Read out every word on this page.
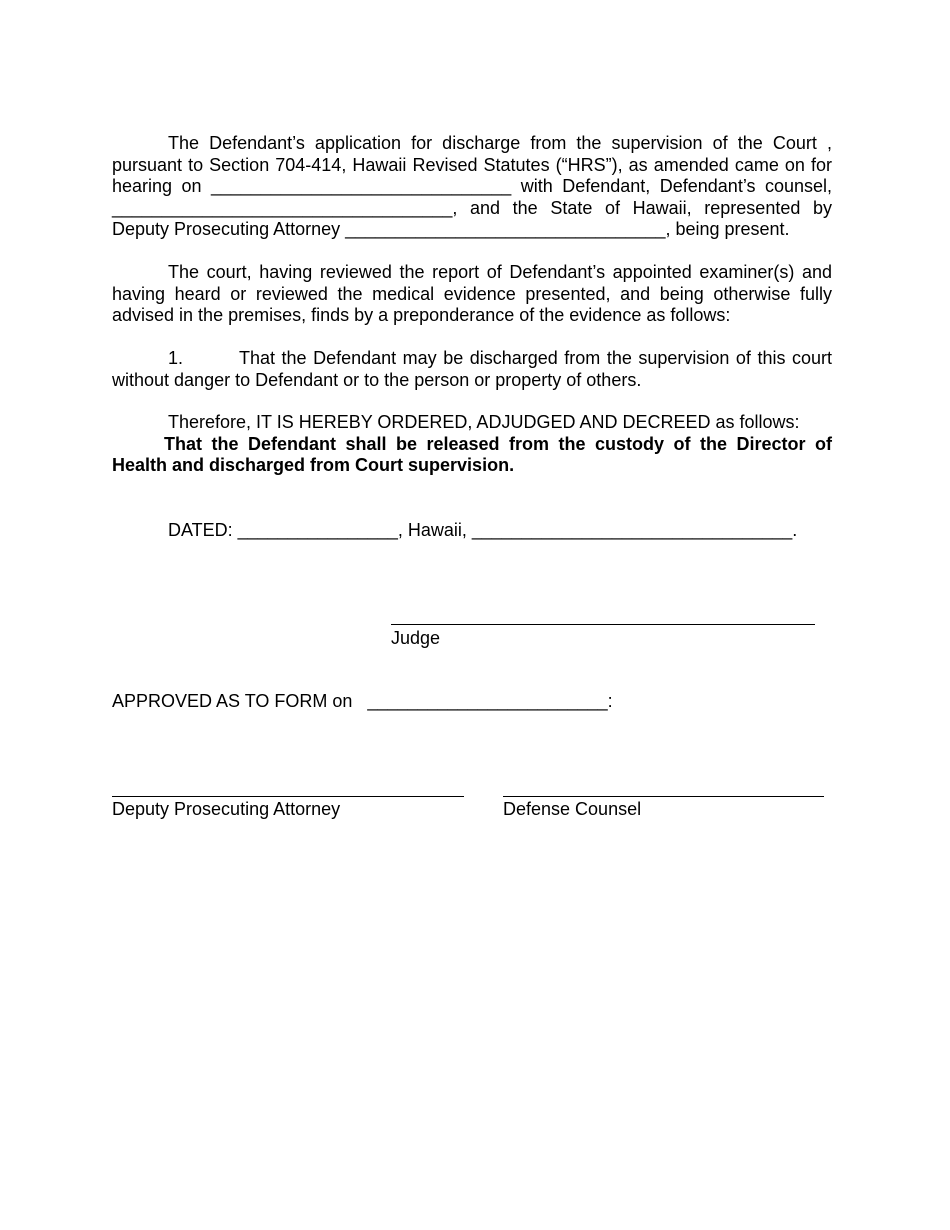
The Defendant’s application for discharge from the supervision of the Court ,
pursuant to Section 704-414, Hawaii Revised Statutes (“HRS”), as amended came on for
hearing on ______________________________ with Defendant, Defendant’s counsel,
__________________________________, and the State of Hawaii, represented by
Deputy Prosecuting Attorney ________________________________, being present.
The court, having reviewed the report of Defendant’s appointed examiner(s) and
having heard or reviewed the medical evidence presented, and being otherwise fully
advised in the premises, finds by a preponderance of the evidence as follows:
1.	That the Defendant may be discharged from the supervision of this court
without danger to Defendant or to the person or property of others.
Therefore, IT IS HEREBY ORDERED, ADJUDGED AND DECREED as follows:
That the Defendant shall be released from the custody of the Director of
Health and discharged from Court supervision.
DATED: ________________, Hawaii, ________________________________.
Judge
APPROVED AS TO FORM on   ________________________:
Deputy Prosecuting Attorney	Defense Counsel
